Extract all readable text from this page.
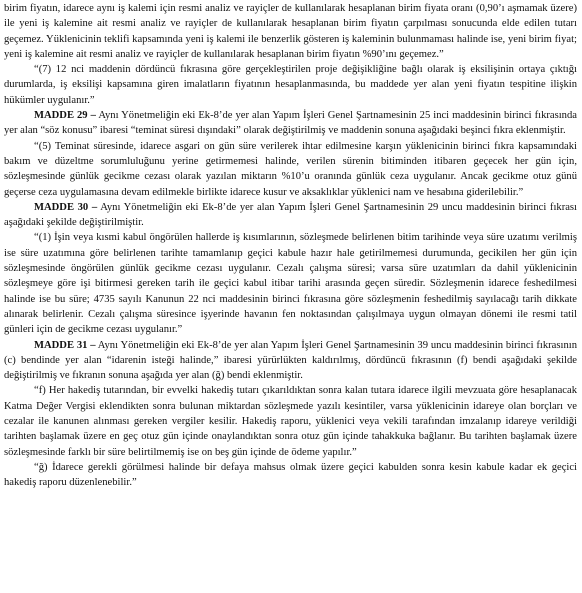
birim fiyatın, idarece aynı iş kalemi için resmi analiz ve rayiçler de kullanılarak hesaplanan birim fiyata oranı (0,90’ı aşmamak üzere) ile yeni iş kalemine ait resmi analiz ve rayiçler de kullanılarak hesaplanan birim fiyatın çarpılması sonucunda elde edilen tutarı geçemez. Yüklenicinin teklifi kapsamında yeni iş kalemi ile benzerlik gösteren iş kaleminin bulunmaması halinde ise, yeni birim fiyat; yeni iş kalemine ait resmi analiz ve rayiçler de kullanılarak hesaplanan birim fiyatın %90’ını geçemez.”

“(7) 12 nci maddenin dördüncü fıkrasına göre gerçekleştirilen proje değişikliğine bağlı olarak iş eksilişinin ortaya çıktığı durumlarda, iş eksilişi kapsamına giren imalatların fiyatının hesaplanmasında, bu maddede yer alan yeni fiyatın tespitine ilişkin hükümler uygulanır.”

MADDE 29 – Aynı Yönetmeliğin eki Ek-8’de yer alan Yapım İşleri Genel Şartnamesinin 25 inci maddesinin birinci fıkrasında yer alan “söz konusu” ibaresi “teminat süresi dışındaki” olarak değiştirilmiş ve maddenin sonuna aşağıdaki beşinci fıkra eklenmiştir.

“(5) Teminat süresinde, idarece asgari on gün süre verilerek ihtar edilmesine karşın yüklenicinin birinci fıkra kapsamındaki bakım ve düzeltme sorumluluğunu yerine getirmemesi halinde, verilen sürenin bitiminden itibaren geçecek her gün için, sözleşmesinde günlük gecikme cezası olarak yazılan miktarın %10’u oranında günlük ceza uygulanır. Ancak gecikme otuz günü geçerse ceza uygulamasına devam edilmekle birlikte idarece kusur ve aksaklıklar yüklenici nam ve hesabına giderilebilir.”

MADDE 30 – Aynı Yönetmeliğin eki Ek-8’de yer alan Yapım İşleri Genel Şartnamesinin 29 uncu maddesinin birinci fıkrası aşağıdaki şekilde değiştirilmiştir.

“(1) İşin veya kısmi kabul öngörülen hallerde iş kısımlarının, sözleşmede belirlenen bitim tarihinde veya süre uzatımı verilmiş ise süre uzatımına göre belirlenen tarihte tamamlanıp geçici kabule hazır hale getirilmemesi durumunda, gecikilen her gün için sözleşmesinde öngörülen günlük gecikme cezası uygulanır. Cezalı çalışma süresi; varsa süre uzatımları da dahil yüklenicinin sözleşmeye göre işi bitirmesi gereken tarih ile geçici kabul itibar tarihi arasında geçen süredir. Sözleşmenin idarece feshedilmesi halinde ise bu süre; 4735 sayılı Kanunun 22 nci maddesinin birinci fıkrasına göre sözleşmenin feshedilmiş sayılacağı tarih dikkate alınarak belirlenir. Cezalı çalışma süresince işyerinde havanın fen noktasından çalışılmaya uygun olmayan dönemi ile resmi tatil günleri için de gecikme cezası uygulanır.”

MADDE 31 – Aynı Yönetmeliğin eki Ek-8’de yer alan Yapım İşleri Genel Şartnamesinin 39 uncu maddesinin birinci fıkrasının (c) bendinde yer alan “idarenin isteği halinde,” ibaresi yürürlükten kaldırılmış, dördüncü fıkrasının (f) bendi aşağıdaki şekilde değiştirilmiş ve fıkranın sonuna aşağıda yer alan (ğ) bendi eklenmiştir.

“f) Her hakediş tutarından, bir evvelki hakediş tutarı çıkarıldıktan sonra kalan tutara idarece ilgili mevzuata göre hesaplanacak Katma Değer Vergisi eklendikten sonra bulunan miktardan sözleşmede yazılı kesintiler, varsa yüklenicinin idareye olan borçları ve cezalar ile kanunen alınması gereken vergiler kesilir. Hakediş raporu, yüklenici veya vekili tarafından imzalanıp idareye verildiği tarihten başlamak üzere en geç otuz gün içinde onaylandıktan sonra otuz gün içinde tahakkuka bağlanır. Bu tarihten başlamak üzere sözleşmesinde farklı bir süre belirtilmemiş ise on beş gün içinde de ödeme yapılır.”

“ğ) İdarece gerekli görülmesi halinde bir defaya mahsus olmak üzere geçici kabulden sonra kesin kabule kadar ek geçici hakediş raporu düzenlenebilir.”
